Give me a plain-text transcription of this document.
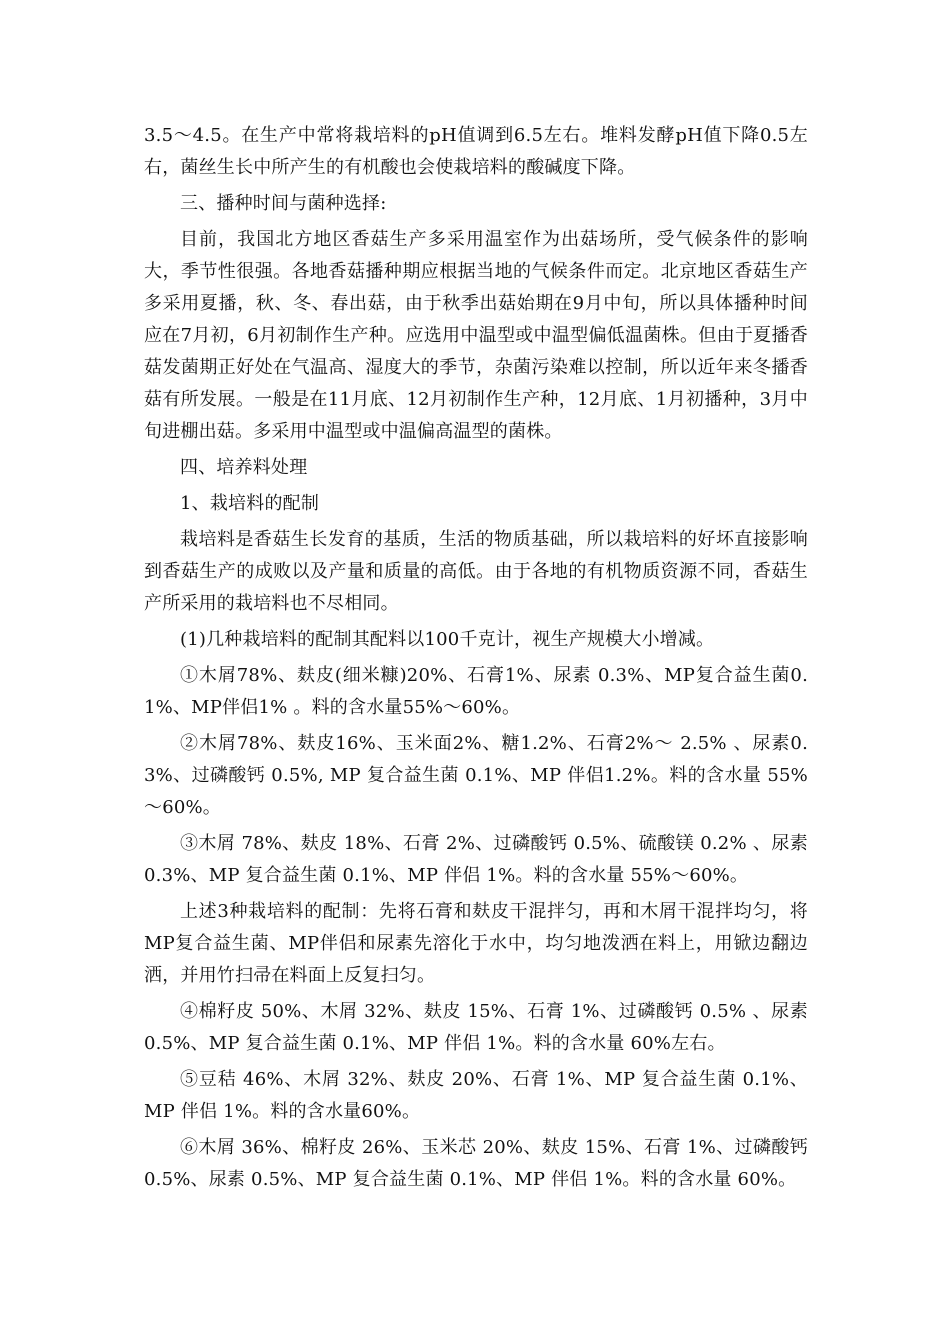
3.5～4.5。在生产中常将栽培料的pH值调到6.5左右。堆料发酵pH值下降0.5左右，菌丝生长中所产生的有机酸也会使栽培料的酸碱度下降。

三、播种时间与菌种选择:

目前，我国北方地区香菇生产多采用温室作为出菇场所，受气候条件的影响大，季节性很强。各地香菇播种期应根据当地的气候条件而定。北京地区香菇生产多采用夏播，秋、冬、春出菇，由于秋季出菇始期在9月中旬，所以具体播种时间应在7月初，6月初制作生产种。应选用中温型或中温型偏低温菌株。但由于夏播香菇发菌期正好处在气温高、湿度大的季节，杂菌污染难以控制，所以近年来冬播香菇有所发展。一般是在11月底、12月初制作生产种，12月底、1月初播种，3月中旬进棚出菇。多采用中温型或中温偏高温型的菌株。

四、培养料处理

1、栽培料的配制

栽培料是香菇生长发育的基质，生活的物质基础，所以栽培料的好坏直接影响到香菇生产的成败以及产量和质量的高低。由于各地的有机物质资源不同，香菇生产所采用的栽培料也不尽相同。

(1)几种栽培料的配制其配料以100千克计，视生产规模大小增减。

①木屑78%、麸皮(细米糠)20%、石膏1%、尿素 0.3%、MP复合益生菌0.1%、MP伴侣1% 。料的含水量55%～60%。

②木屑78%、麸皮16%、玉米面2%、糖1.2%、石膏2%～ 2.5% 、尿素0.3%、过磷酸钙 0.5%, MP 复合益生菌 0.1%、MP 伴侣1.2%。料的含水量 55%～60%。

③木屑 78%、麸皮 18%、石膏 2%、过磷酸钙 0.5%、硫酸镁 0.2% 、尿素 0.3%、MP 复合益生菌 0.1%、MP 伴侣 1%。料的含水量 55%～60%。

上述3种栽培料的配制：先将石膏和麸皮干混拌匀，再和木屑干混拌均匀，将MP复合益生菌、MP伴侣和尿素先溶化于水中，均匀地泼洒在料上，用锨边翻边洒，并用竹扫帚在料面上反复扫匀。

④棉籽皮 50%、木屑 32%、麸皮 15%、石膏 1%、过磷酸钙 0.5% 、尿素 0.5%、MP 复合益生菌 0.1%、MP 伴侣 1%。料的含水量 60%左右。

⑤豆秸 46%、木屑 32%、麸皮 20%、石膏 1%、MP 复合益生菌 0.1%、MP 伴侣 1%。料的含水量60%。

⑥木屑 36%、棉籽皮 26%、玉米芯 20%、麸皮 15%、石膏 1%、过磷酸钙 0.5%、尿素 0.5%、MP 复合益生菌 0.1%、MP 伴侣 1%。料的含水量 60%。
